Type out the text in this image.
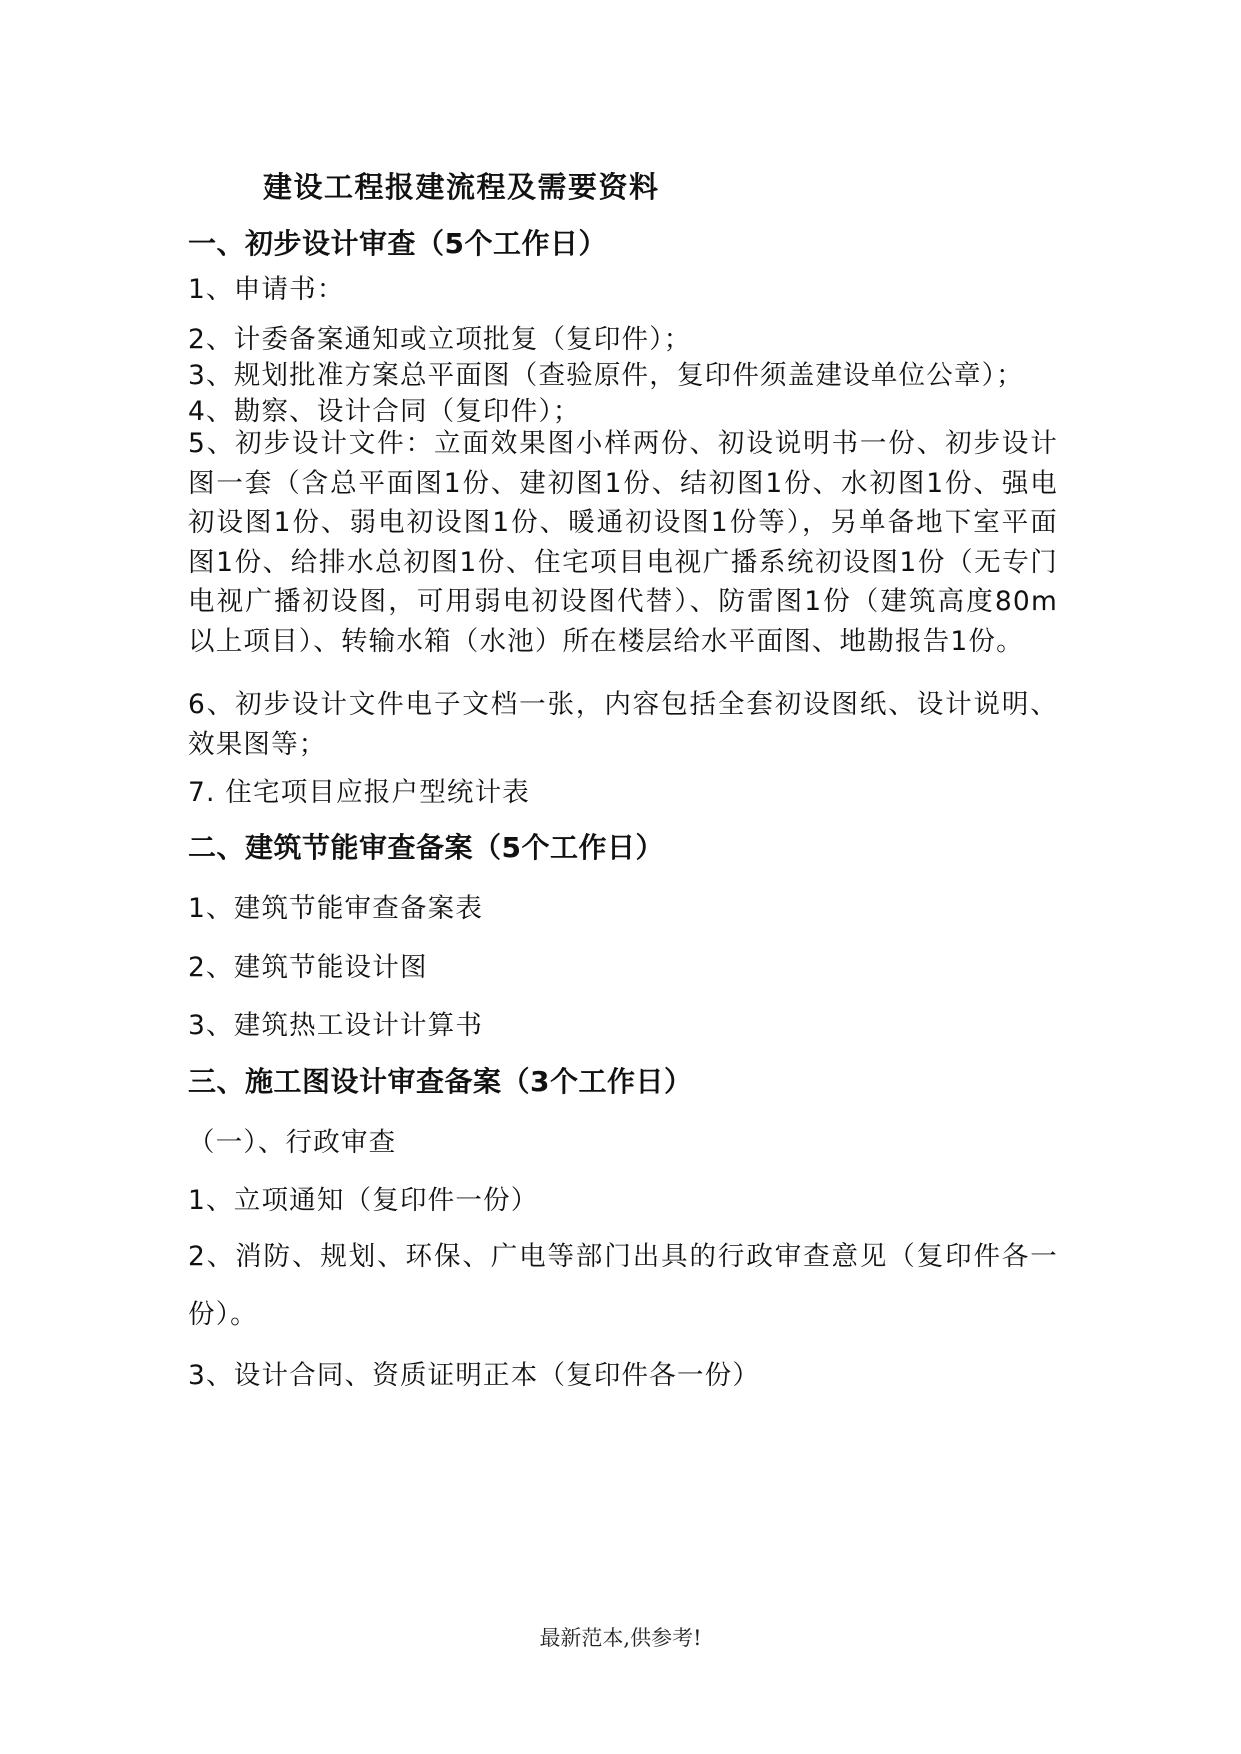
建设工程报建流程及需要资料
一、初步设计审查（5个工作日）
1、申请书：
2、计委备案通知或立项批复（复印件）；
3、规划批准方案总平面图（查验原件，复印件须盖建设单位公章）；
4、勘察、设计合同（复印件）；
5、初步设计文件：立面效果图小样两份、初设说明书一份、初步设计图一套（含总平面图1份、建初图1份、结初图1份、水初图1份、强电初设图1份、弱电初设图1份、暖通初设图1份等），另单备地下室平面图1份、给排水总初图1份、住宅项目电视广播系统初设图1份（无专门电视广播初设图，可用弱电初设图代替）、防雷图1份（建筑高度80m以上项目）、转输水箱（水池）所在楼层给水平面图、地勘报告1份。
6、初步设计文件电子文档一张，内容包括全套初设图纸、设计说明、效果图等；
7. 住宅项目应报户型统计表
二、建筑节能审查备案（5个工作日）
1、建筑节能审查备案表
2、建筑节能设计图
3、建筑热工设计计算书
三、施工图设计审查备案（3个工作日）
（一）、行政审查
1、立项通知（复印件一份）
2、消防、规划、环保、广电等部门出具的行政审查意见（复印件各一份）。
3、设计合同、资质证明正本（复印件各一份）
最新范本,供参考!
